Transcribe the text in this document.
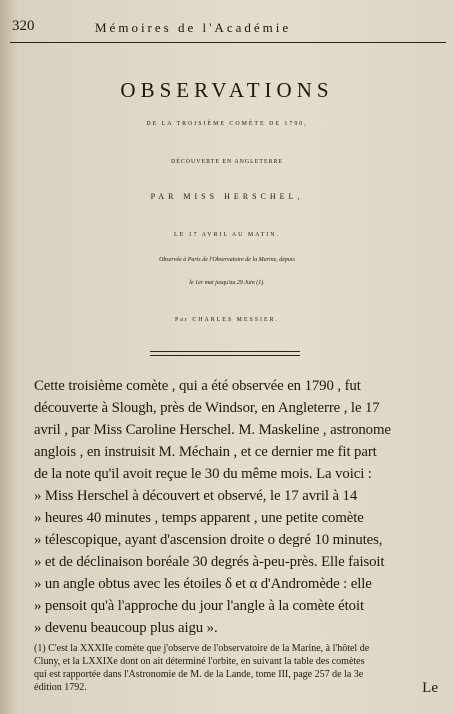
320	Mémoires de l'Académie
OBSERVATIONS
DE LA TROISIÈME COMÈTE DE 1790,
DÈCOUVERTE EN ANGLETERRE
PAR MISS HERSCHEL,
LE 17 AVRIL AU MATIN.
Observée à Paris de l'Observatoire de la Marine, depuis
le 1er mai jusqu'au 29 Juin (1).
Par CHARLES MESSIER.
Cette troisième comète , qui a été observée en 1790 , fut
découverte à Slough, près de Windsor, en Angleterre , le 17
avril , par Miss Caroline Herschel. M. Maskeline , astronome
anglois , en instruisit M. Méchain , et ce dernier me fit part
de la note qu'il avoit reçue le 30 du même mois. La voici :
» Miss Herschel à découvert et observé, le 17 avril à 14
» heures 40 minutes , temps apparent , une petite comète
» télescopique, ayant d'ascension droite o degré 10 minutes,
» et de déclinaison boréale 30 degrés à-peu-près. Elle faisoit
» un angle obtus avec les étoiles δ et α d'Andromède : elle
» pensoit qu'à l'approche du jour l'angle à la comète étoit
» devenu beaucoup plus aigu ».
(1) C'est la XXXIIe comète que j'observe de l'observatoire de la Marine, à l'hôtel de
Cluny, et la LXXIXe dont on ait déterminé l'orbite, en suivant la table des comètes
qui est rapportée dans l'Astronomie de M. de la Lande, tome III, page 257 de la 3e
édition 1792.	Le
